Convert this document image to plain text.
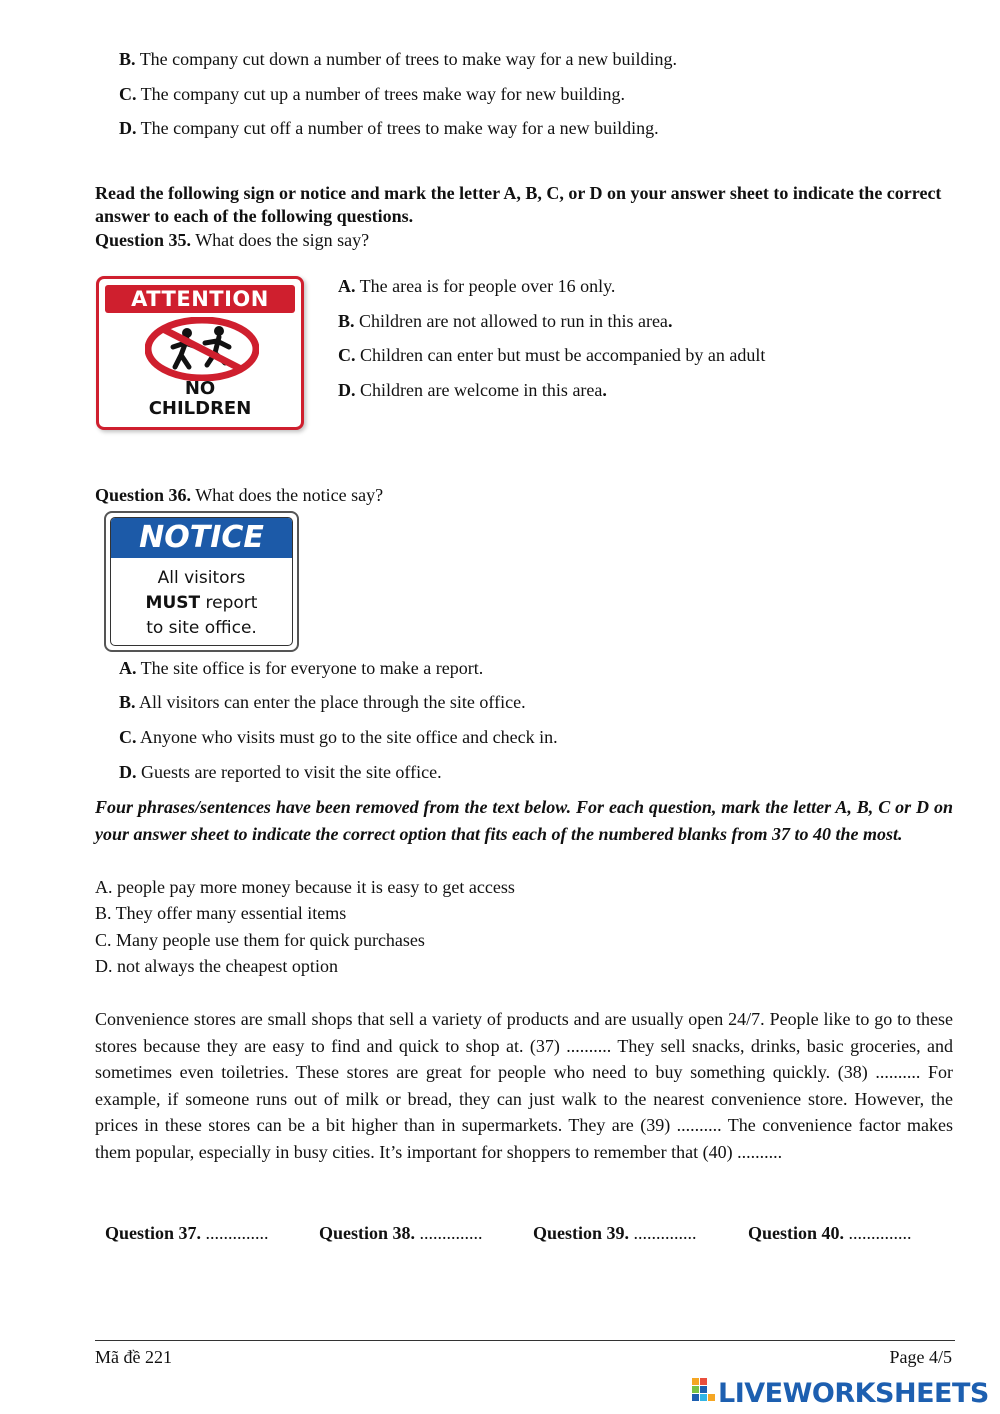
B. The company cut down a number of trees to make way for a new building.
C. The company cut up a number of trees make way for new building.
D. The company cut off a number of trees to make way for a new building.
Read the following sign or notice and mark the letter A, B, C, or D on your answer sheet to indicate the correct answer to each of the following questions.
Question 35. What does the sign say?
ATTENTION
NO
CHILDREN
A. The area is for people over 16 only.
B. Children are not allowed to run in this area.
C. Children can enter but must be accompanied by an adult
D. Children are welcome in this area.
Question 36. What does the notice say?
NOTICE
All visitors
MUST report
to site office.
A. The site office is for everyone to make a report.
B. All visitors can enter the place through the site office.
C. Anyone who visits must go to the site office and check in.
D. Guests are reported to visit the site office.
Four phrases/sentences have been removed from the text below. For each question, mark the letter A, B, C or D on your answer sheet to indicate the correct option that fits each of the numbered blanks from 37 to 40 the most.
A. people pay more money because it is easy to get access
B. They offer many essential items
C. Many people use them for quick purchases
D. not always the cheapest option
Convenience stores are small shops that sell a variety of products and are usually open 24/7. People like to go to these stores because they are easy to find and quick to shop at. (37) .......... They sell snacks, drinks, basic groceries, and sometimes even toiletries. These stores are great for people who need to buy something quickly. (38) .......... For example, if someone runs out of milk or bread, they can just walk to the nearest convenience store. However, the prices in these stores can be a bit higher than in supermarkets. They are (39) .......... The convenience factor makes them popular, especially in busy cities. It’s important for shoppers to remember that (40) ..........
Question 37. ..............	Question 38. ..............	Question 39. ..............	Question 40. ..............
Mã đề 221	Page 4/5
LIVEWORKSHEETS
